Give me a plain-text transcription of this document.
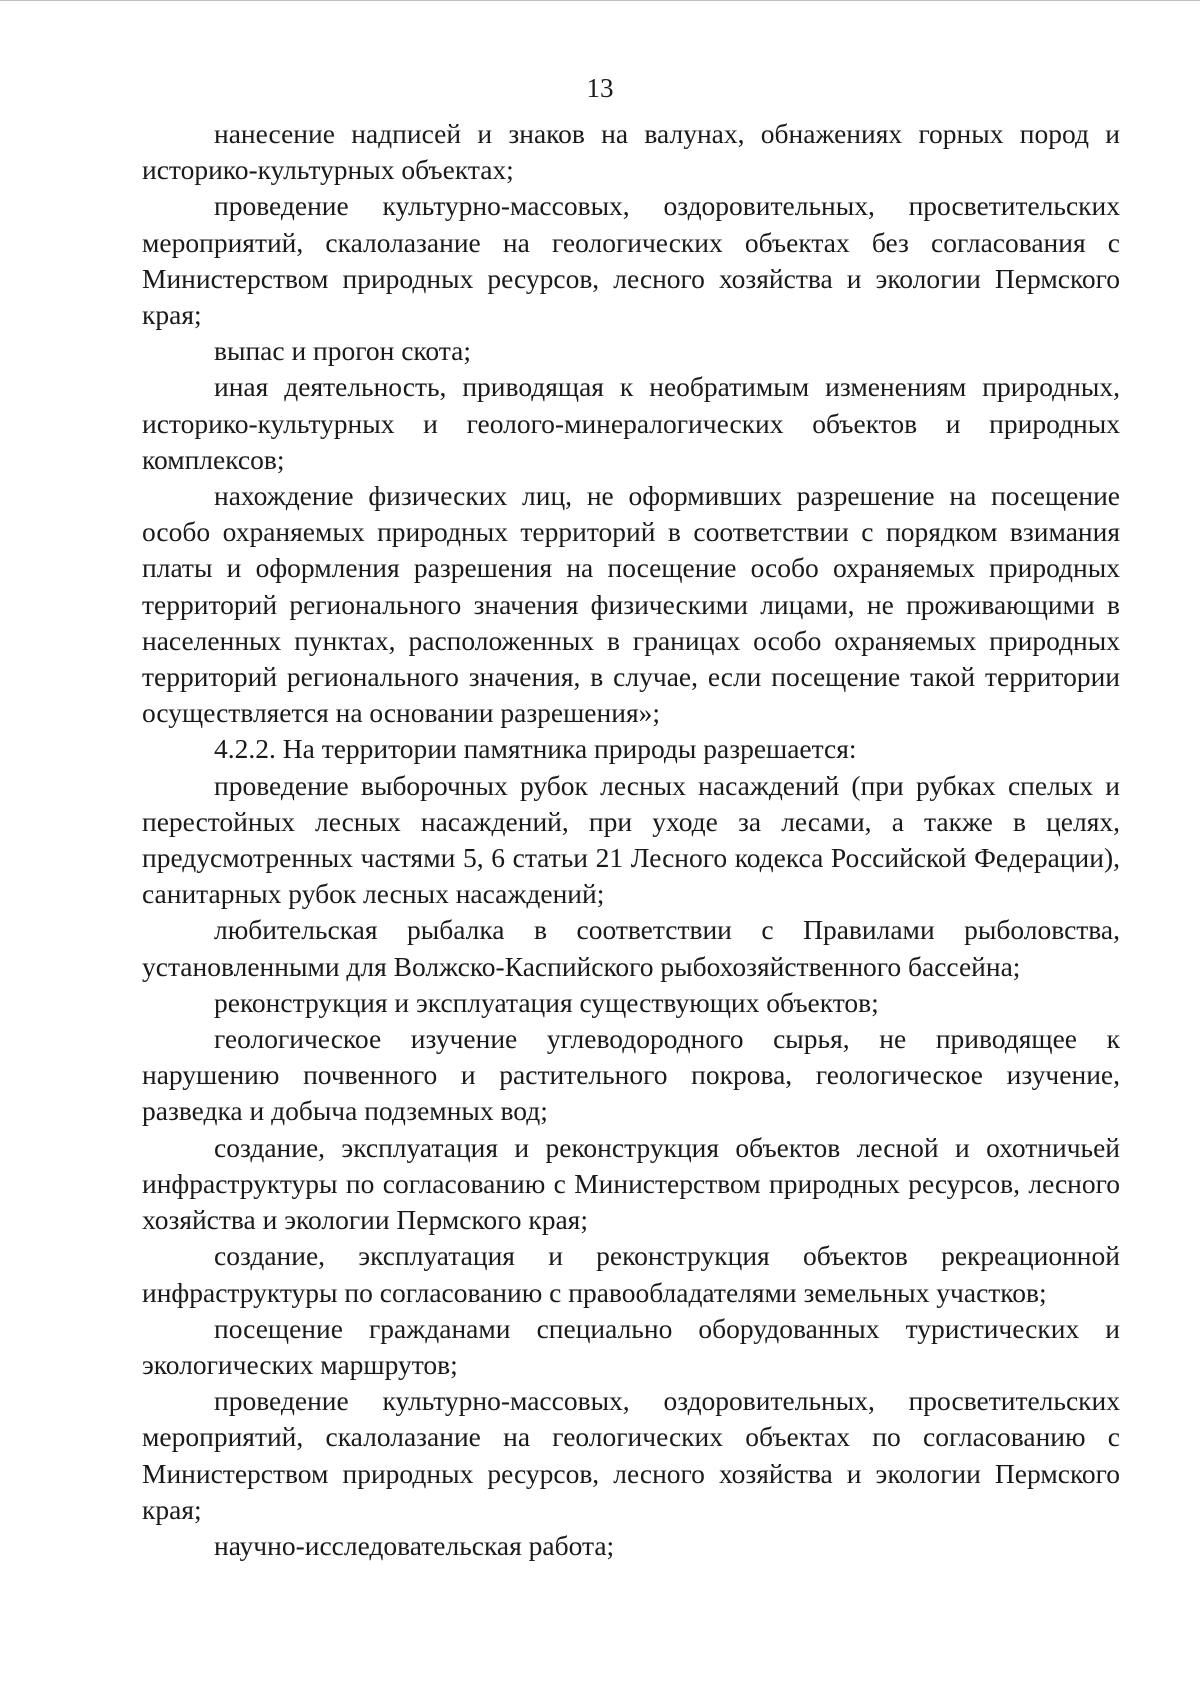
13

нанесение надписей и знаков на валунах, обнажениях горных пород и историко-культурных объектах;

проведение культурно-массовых, оздоровительных, просветительских мероприятий, скалолазание на геологических объектах без согласования с Министерством природных ресурсов, лесного хозяйства и экологии Пермского края;

выпас и прогон скота;

иная деятельность, приводящая к необратимым изменениям природных, историко-культурных и геолого-минералогических объектов и природных комплексов;

нахождение физических лиц, не оформивших разрешение на посещение особо охраняемых природных территорий в соответствии с порядком взимания платы и оформления разрешения на посещение особо охраняемых природных территорий регионального значения физическими лицами, не проживающими в населенных пунктах, расположенных в границах особо охраняемых природных территорий регионального значения, в случае, если посещение такой территории осуществляется на основании разрешения»;

4.2.2. На территории памятника природы разрешается:

проведение выборочных рубок лесных насаждений (при рубках спелых и перестойных лесных насаждений, при уходе за лесами, а также в целях, предусмотренных частями 5, 6 статьи 21 Лесного кодекса Российской Федерации), санитарных рубок лесных насаждений;

любительская рыбалка в соответствии с Правилами рыболовства, установленными для Волжско-Каспийского рыбохозяйственного бассейна;

реконструкция и эксплуатация существующих объектов;

геологическое изучение углеводородного сырья, не приводящее к нарушению почвенного и растительного покрова, геологическое изучение, разведка и добыча подземных вод;

создание, эксплуатация и реконструкция объектов лесной и охотничьей инфраструктуры по согласованию с Министерством природных ресурсов, лесного хозяйства и экологии Пермского края;

создание, эксплуатация и реконструкция объектов рекреационной инфраструктуры по согласованию с правообладателями земельных участков;

посещение гражданами специально оборудованных туристических и экологических маршрутов;

проведение культурно-массовых, оздоровительных, просветительских мероприятий, скалолазание на геологических объектах по согласованию с Министерством природных ресурсов, лесного хозяйства и экологии Пермского края;

научно-исследовательская работа;
